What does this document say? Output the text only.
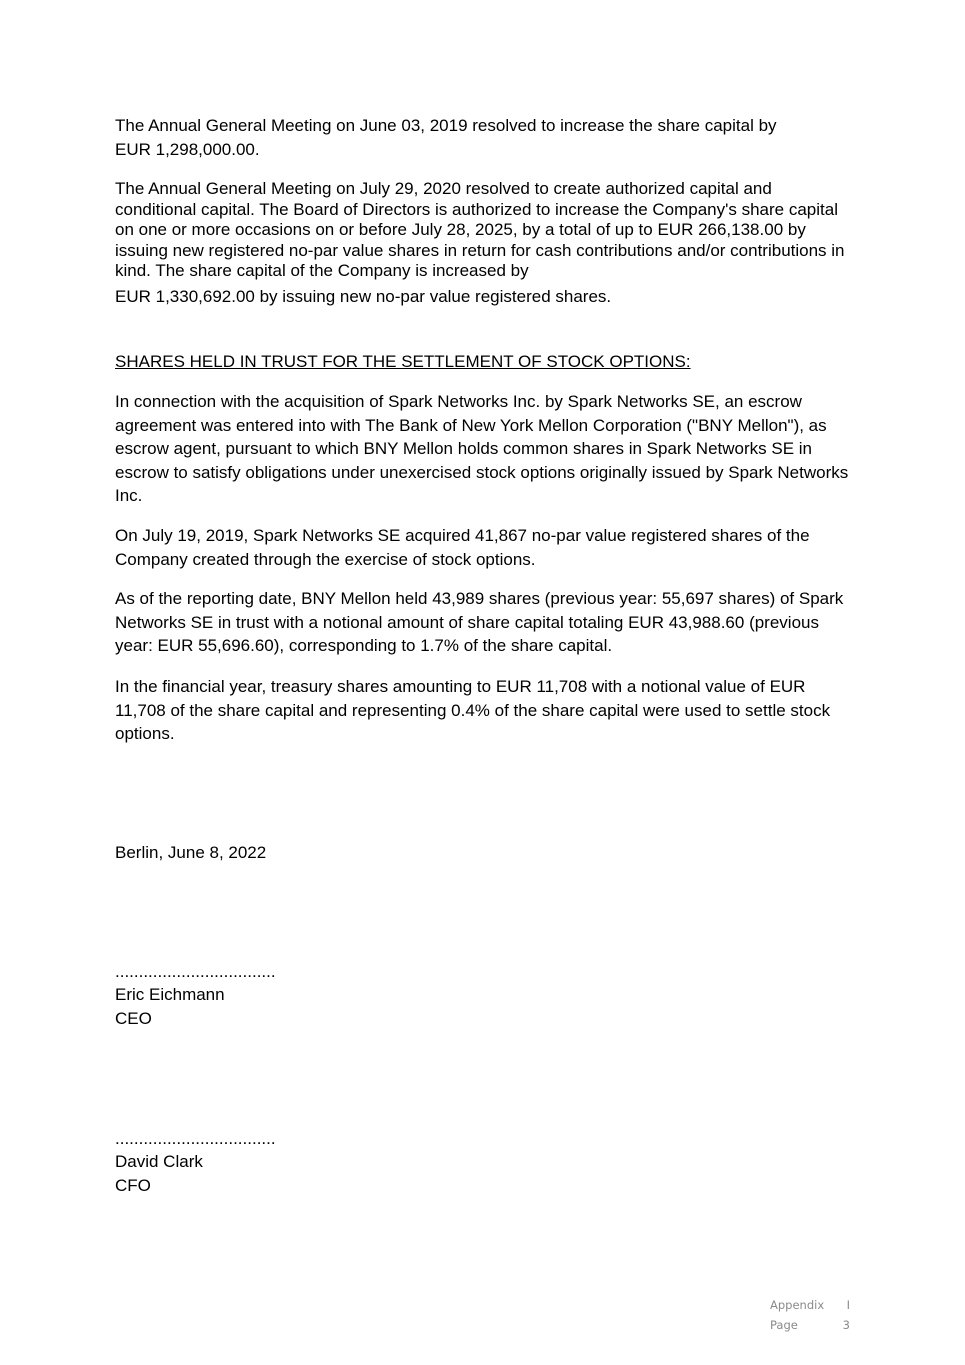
The Annual General Meeting on June 03, 2019 resolved to increase the share capital by
EUR 1,298,000.00.

The Annual General Meeting on July 29, 2020 resolved to create authorized capital and conditional capital. The Board of Directors is authorized to increase the Company's share capital on one or more occasions on or before July 28, 2025, by a total of up to EUR 266,138.00 by issuing new registered no-par value shares in return for cash contributions and/or contributions in kind. The share capital of the Company is increased by

EUR 1,330,692.00 by issuing new no-par value registered shares.

SHARES HELD IN TRUST FOR THE SETTLEMENT OF STOCK OPTIONS:

In connection with the acquisition of Spark Networks Inc. by Spark Networks SE, an escrow agreement was entered into with The Bank of New York Mellon Corporation ("BNY Mellon"), as escrow agent, pursuant to which BNY Mellon holds common shares in Spark Networks SE in escrow to satisfy obligations under unexercised stock options originally issued by Spark Networks Inc.

On July 19, 2019, Spark Networks SE acquired 41,867 no-par value registered shares of the Company created through the exercise of stock options.

As of the reporting date, BNY Mellon held 43,989 shares (previous year: 55,697 shares) of Spark Networks SE in trust with a notional amount of share capital totaling EUR 43,988.60 (previous year: EUR 55,696.60), corresponding to 1.7% of the share capital.

In the financial year, treasury shares amounting to EUR 11,708 with a notional value of EUR 11,708 of the share capital and representing 0.4% of the share capital were used to settle stock options.

Berlin, June 8, 2022

..................................

Eric Eichmann

CEO

..................................

David Clark

CFO

Appendix I
Page	3
